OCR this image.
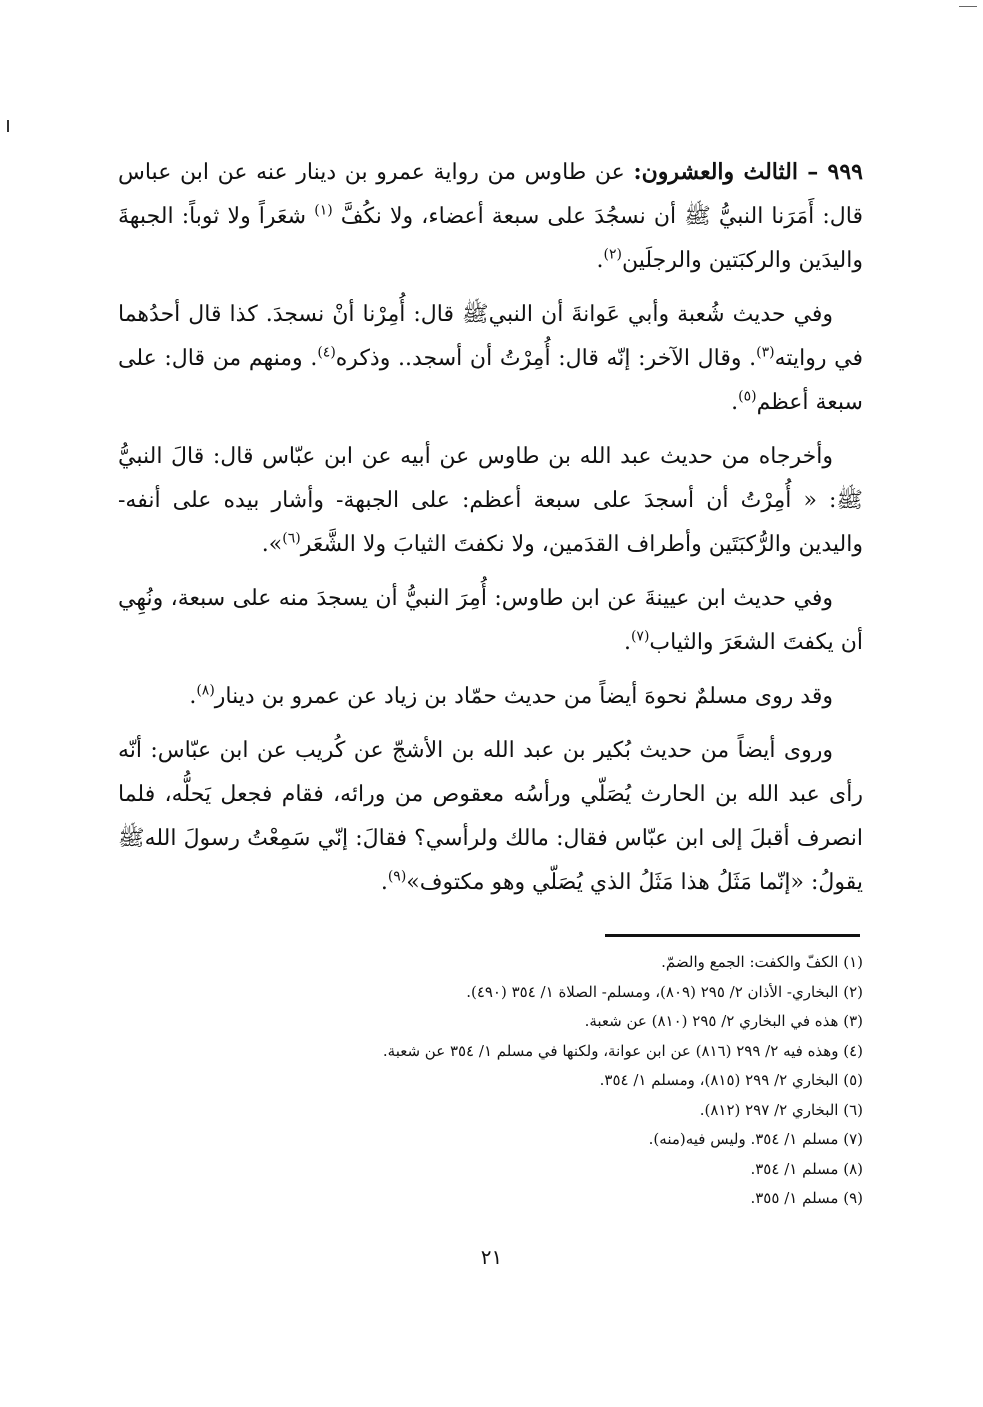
٩٩٩ – الثالث والعشرون: عن طاوس من رواية عمرو بن دينار عنه عن ابن عباس قال: أَمَرَنا النبيُّ ﷺ أن نسجُدَ على سبعة أعضاء، ولا نكُفَّ $^{(١)}$ شعَراً ولا ثوباً: الجبهةَ واليدَين والركبَتين والرجلَين$^{(٢)}$.

وفي حديث شُعبة وأبي عَوانةَ أن النبيﷺ قال: أُمِرْنا أنْ نسجدَ. كذا قال أحدُهما في روايته$^{(٣)}$. وقال الآخر: إنّه قال: أُمِرْتُ أن أسجد.. وذكره$^{(٤)}$. ومنهم من قال: على سبعة أعظم$^{(٥)}$.

وأخرجاه من حديث عبد الله بن طاوس عن أبيه عن ابن عبّاس قال: قالَ النبيُّ ﷺ: « أُمِرْتُ أن أسجدَ على سبعة أعظم: على الجبهة- وأشار بيده على أنفه- واليدين والرُّكبَتَين وأطراف القدَمين، ولا نكفتَ الثيابَ ولا الشَّعَر$^{(٦)}$».

وفي حديث ابن عيينةَ عن ابن طاوس: أُمِرَ النبيُّ أن يسجدَ منه على سبعة، ونُهِي أن يكفتَ الشعَرَ والثياب$^{(٧)}$.

وقد روى مسلمٌ نحوهَ أيضاً من حديث حمّاد بن زياد عن عمرو بن دينار$^{(٨)}$.

وروى أيضاً من حديث بُكير بن عبد الله بن الأشجّ عن كُريب عن ابن عبّاس: أنّه رأى عبد الله بن الحارث يُصَلّي ورأسُه معقوص من ورائه، فقام فجعل يَحلُّه، فلما انصرف أقبلَ إلى ابن عبّاس فقال: مالك ولرأسي؟ فقالَ: إنّي سَمِعْتُ رسولَ اللهﷺ يقولُ: «إنّما مَثَلُ هذا مَثَلُ الذي يُصَلّي وهو مكتوف»$^{(٩)}$.

(١) الكفّ والكفت: الجمع والضمّ.

(٢) البخاري- الأذان ٢/ ٢٩٥ (٨٠٩)، ومسلم- الصلاة ١/ ٣٥٤ (٤٩٠).

(٣) هذه في البخاري ٢/ ٢٩٥ (٨١٠) عن شعبة.

(٤) وهذه فيه ٢/ ٢٩٩ (٨١٦) عن ابن عوانة، ولكنها في مسلم ١/ ٣٥٤ عن شعبة.

(٥) البخاري ٢/ ٢٩٩ (٨١٥)، ومسلم ١/ ٣٥٤.

(٦) البخاري ٢/ ٢٩٧ (٨١٢).

(٧) مسلم ١/ ٣٥٤. وليس فيه(منه).

(٨) مسلم ١/ ٣٥٤.

(٩) مسلم ١/ ٣٥٥.

٢١
